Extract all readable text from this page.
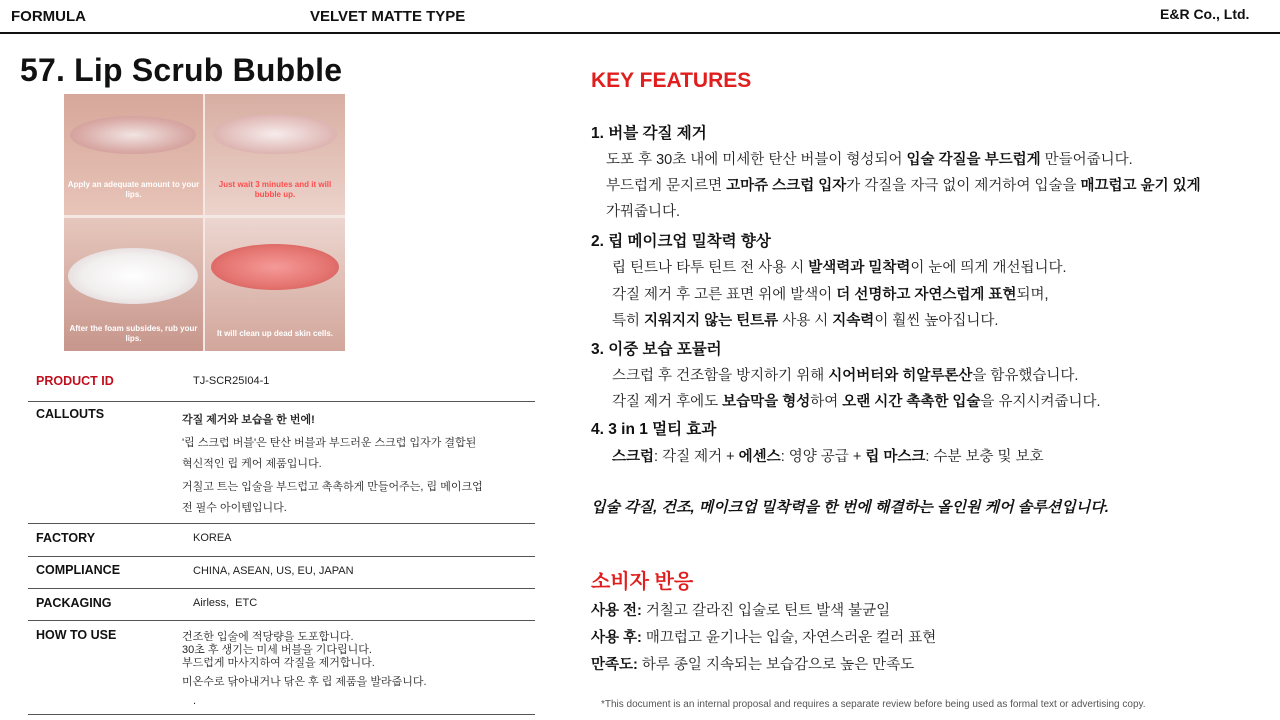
FORMULA	VELVET MATTE TYPE	E&R Co., Ltd.
57. Lip Scrub Bubble
Apply an adequate amount to your lips.
Just wait 3 minutes and it will bubble up.
After the foam subsides, rub your lips.
It will clean up dead skin cells.
PRODUCT ID	TJ-SCR25I04-1
CALLOUTS	각질 제거와 보습을 한 번에!
'립 스크럽 버블'은 탄산 버블과 부드러운 스크럽 입자가 결합된
혁신적인 립 케어 제품입니다.
거칠고 트는 입술을 부드럽고 촉촉하게 만들어주는, 립 메이크업
전 필수 아이템입니다.
FACTORY	KOREA
COMPLIANCE	CHINA, ASEAN, US, EU, JAPAN
PACKAGING	Airless,  ETC
HOW TO USE	건조한 입술에 적당량을 도포합니다.
30초 후 생기는 미세 버블을 기다립니다.
부드럽게 마사지하여 각질을 제거합니다.
미온수로 닦아내거나 닦은 후 립 제품을 발라줍니다.
.
KEY FEATURES
1. 버블 각질 제거
도포 후 30초 내에 미세한 탄산 버블이 형성되어 입술 각질을 부드럽게 만들어줍니다.
부드럽게 문지르면 고마쥬 스크럽 입자가 각질을 자극 없이 제거하여 입술을 매끄럽고 윤기 있게
가꿔줍니다.
2. 립 메이크업 밀착력 향상
립 틴트나 타투 틴트 전 사용 시 발색력과 밀착력이 눈에 띄게 개선됩니다.
각질 제거 후 고른 표면 위에 발색이 더 선명하고 자연스럽게 표현되며,
특히 지워지지 않는 틴트류 사용 시 지속력이 훨씬 높아집니다.
3. 이중 보습 포뮬러
스크럽 후 건조함을 방지하기 위해 시어버터와 히알루론산을 함유했습니다.
각질 제거 후에도 보습막을 형성하여 오랜 시간 촉촉한 입술을 유지시켜줍니다.
4. 3 in 1 멀티 효과
스크럽: 각질 제거 + 에센스: 영양 공급 + 립 마스크: 수분 보충 및 보호
입술 각질, 건조, 메이크업 밀착력을 한 번에 해결하는 올인원 케어 솔루션입니다.
소비자 반응
사용 전: 거칠고 갈라진 입술로 틴트 발색 불균일
사용 후: 매끄럽고 윤기나는 입술, 자연스러운 컬러 표현
만족도: 하루 종일 지속되는 보습감으로 높은 만족도
*This document is an internal proposal and requires a separate review before being used as formal text or advertising copy.
